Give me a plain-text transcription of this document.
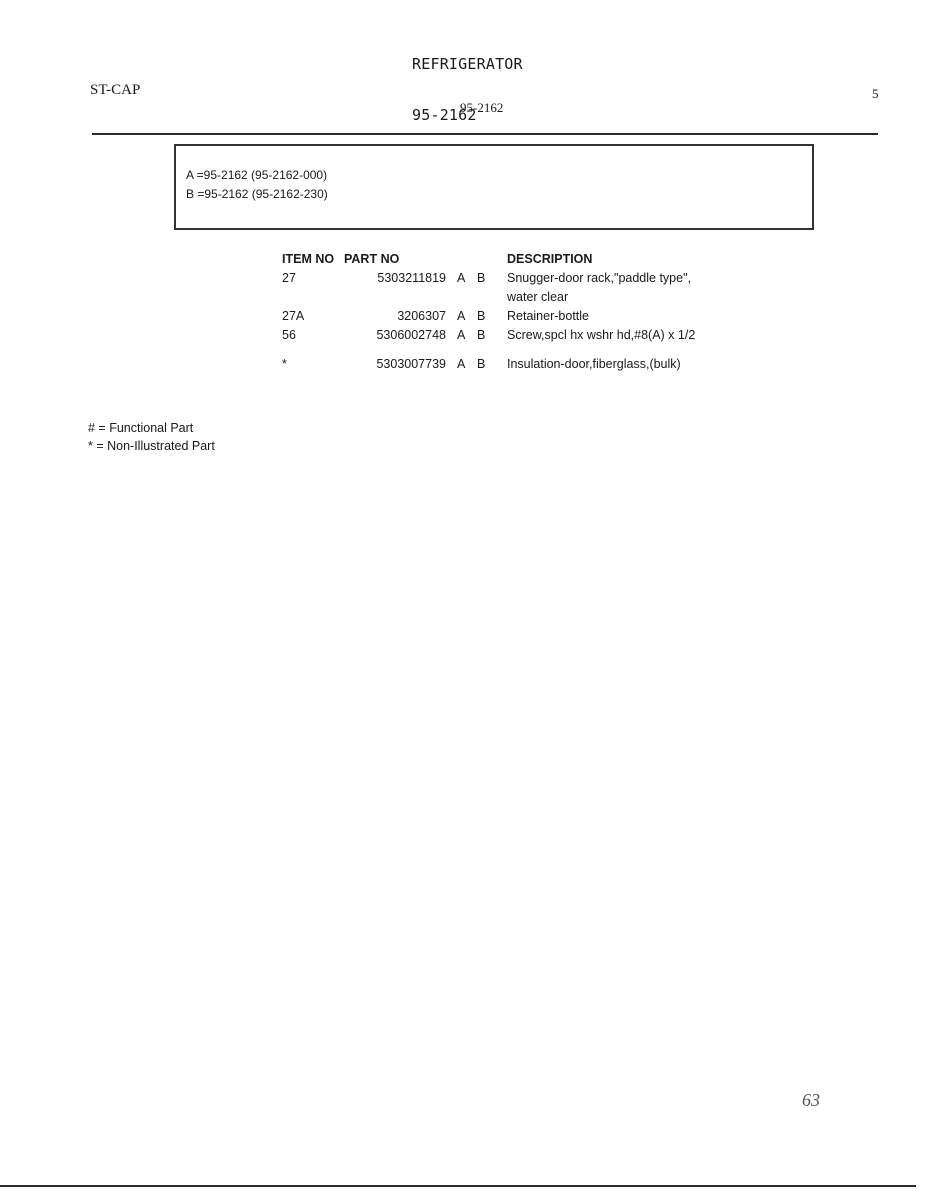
REFRIGERATOR

95-2162

ST-CAP	5
95-2162
A =95-2162 (95-2162-000)
B =95-2162 (95-2162-230)
ITEM NO PART NO	DESCRIPTION
27	5303211819 A B Snugger-door rack,"paddle type",
water clear
27A	3206307 A B Retainer-bottle
56	5306002748 A B Screw,spcl hx wshr hd,#8(A) x 1/2
*	5303007739 A B Insulation-door,fiberglass,(bulk)
# = Functional Part
* = Non-Illustrated Part
63
